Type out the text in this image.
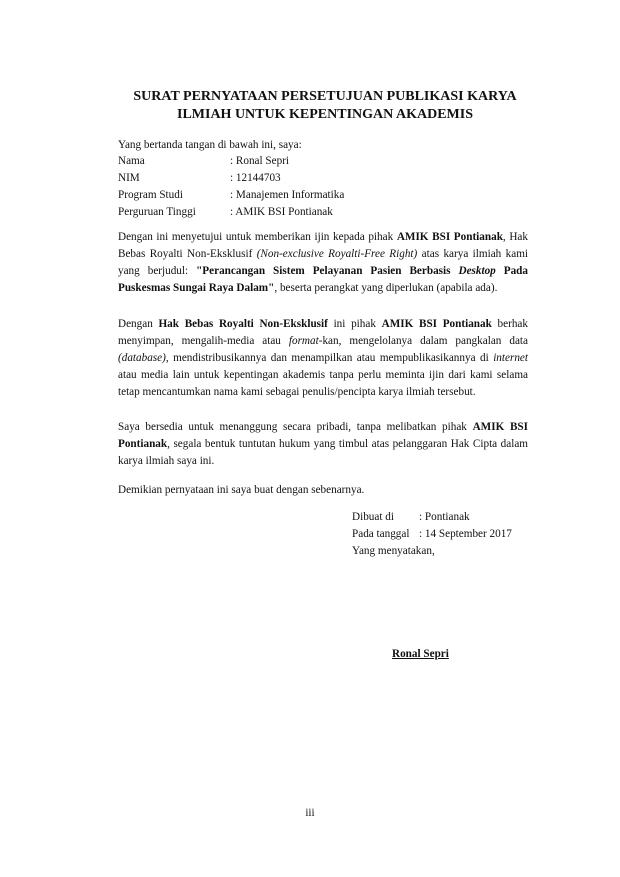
SURAT PERNYATAAN PERSETUJUAN PUBLIKASI KARYA
ILMIAH UNTUK KEPENTINGAN AKADEMIS
Yang bertanda tangan di bawah ini, saya:
Nama	: Ronal Sepri
NIM	: 12144703
Program Studi	: Manajemen Informatika
Perguruan Tinggi	: AMIK BSI Pontianak
Dengan ini menyetujui untuk memberikan ijin kepada pihak AMIK BSI Pontianak, Hak Bebas Royalti Non-Eksklusif (Non-exclusive Royalti-Free Right) atas karya ilmiah kami yang berjudul: "Perancangan Sistem Pelayanan Pasien Berbasis Desktop Pada Puskesmas Sungai Raya Dalam", beserta perangkat yang diperlukan (apabila ada).
Dengan Hak Bebas Royalti Non-Eksklusif ini pihak AMIK BSI Pontianak berhak menyimpan, mengalih-media atau format-kan, mengelolanya dalam pangkalan data (database), mendistribusikannya dan menampilkan atau mempublikasikannya di internet atau media lain untuk kepentingan akademis tanpa perlu meminta ijin dari kami selama tetap mencantumkan nama kami sebagai penulis/pencipta karya ilmiah tersebut.
Saya bersedia untuk menanggung secara pribadi, tanpa melibatkan pihak AMIK BSI Pontianak, segala bentuk tuntutan hukum yang timbul atas pelanggaran Hak Cipta dalam karya ilmiah saya ini.
Demikian pernyataan ini saya buat dengan sebenarnya.
Dibuat di : Pontianak
Pada tanggal : 14 September 2017
Yang menyatakan,
Ronal Sepri
iii
